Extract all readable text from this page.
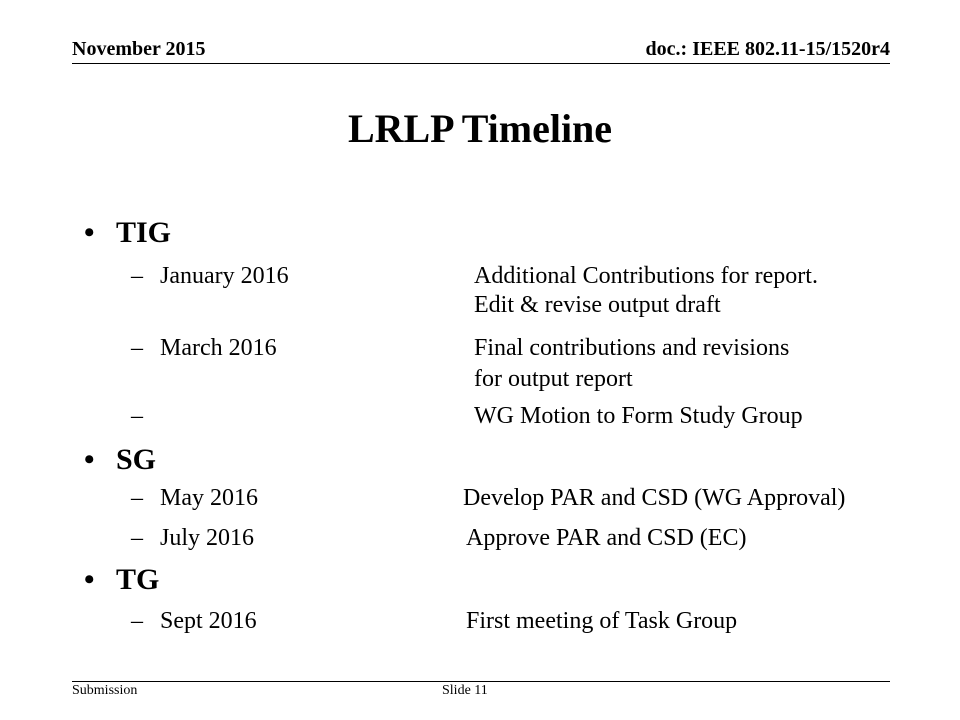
November 2015	doc.: IEEE 802.11-15/1520r4
LRLP Timeline
• TIG
– January 2016	Additional Contributions for report.
Edit & revise output draft
– March 2016	Final contributions and revisions
for output report
–	WG Motion to Form Study Group
• SG
– May 2016	Develop PAR and CSD (WG Approval)
– July 2016	Approve PAR and CSD (EC)
• TG
– Sept 2016	First meeting of Task Group
Submission	Slide 11
